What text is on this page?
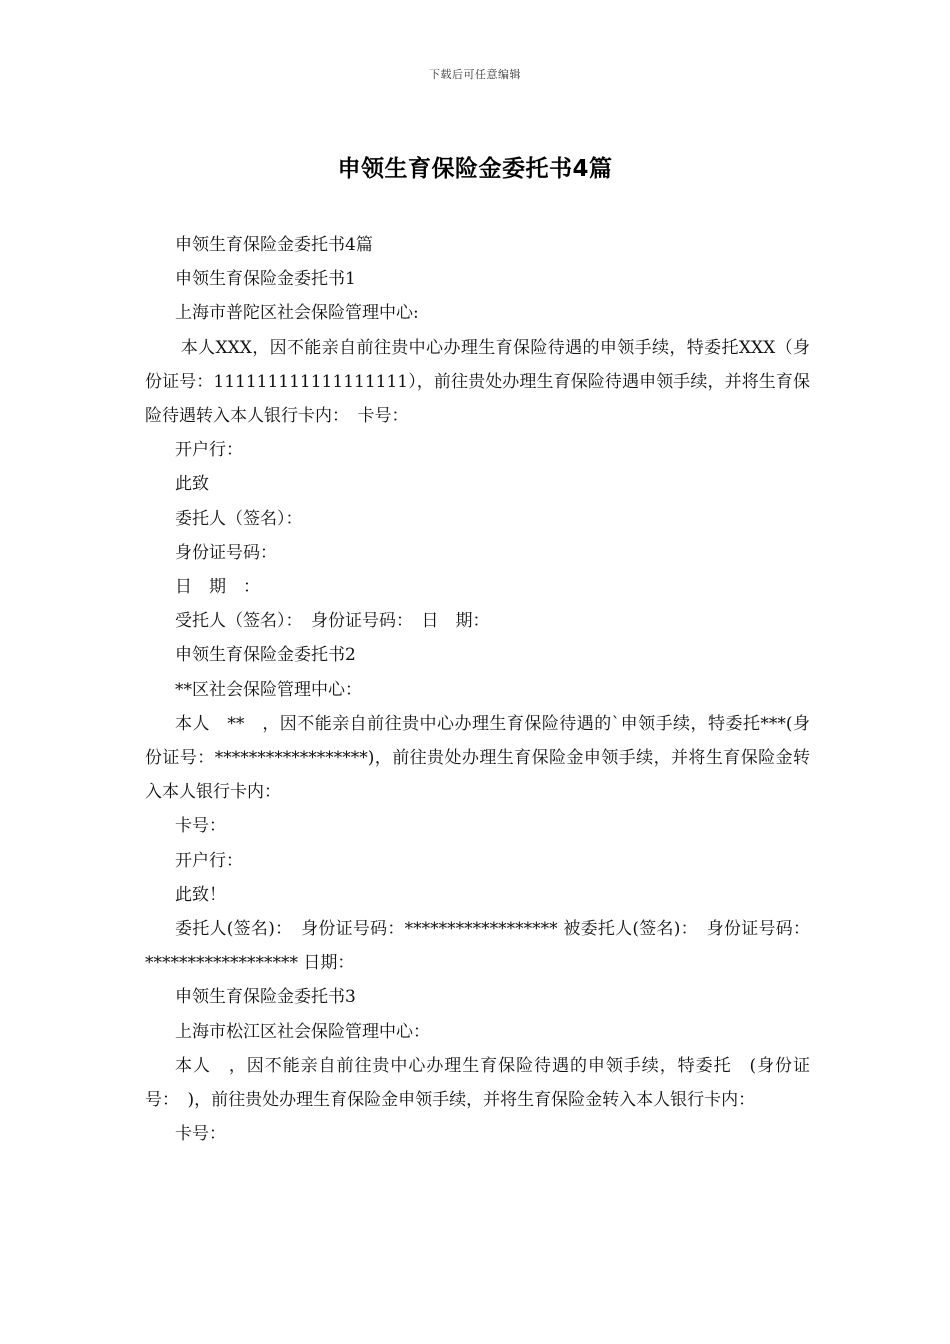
下载后可任意编辑
申领生育保险金委托书4篇

申领生育保险金委托书4篇

申领生育保险金委托书1

上海市普陀区社会保险管理中心:

本人XXX，因不能亲自前往贵中心办理生育保险待遇的申领手续，特委托XXX（身份证号：111111111111111111），前往贵处办理生育保险待遇申领手续，并将生育保险待遇转入本人银行卡内：　卡号：

开户行：

此致

委托人（签名）：

身份证号码：

日　期　：

受托人（签名）：　身份证号码：　日　期：

申领生育保险金委托书2

**区社会保险管理中心：

本人　**　，因不能亲自前往贵中心办理生育保险待遇的`申领手续，特委托***(身份证号：******************)，前往贵处办理生育保险金申领手续，并将生育保险金转入本人银行卡内：

卡号：

开户行：

此致！

委托人(签名)：　身份证号码：****************** 被委托人(签名)：　身份证号码：****************** 日期：

申领生育保险金委托书3

上海市松江区社会保险管理中心：

本人　，因不能亲自前往贵中心办理生育保险待遇的申领手续，特委托　(身份证号：　)，前往贵处办理生育保险金申领手续，并将生育保险金转入本人银行卡内：

卡号：
